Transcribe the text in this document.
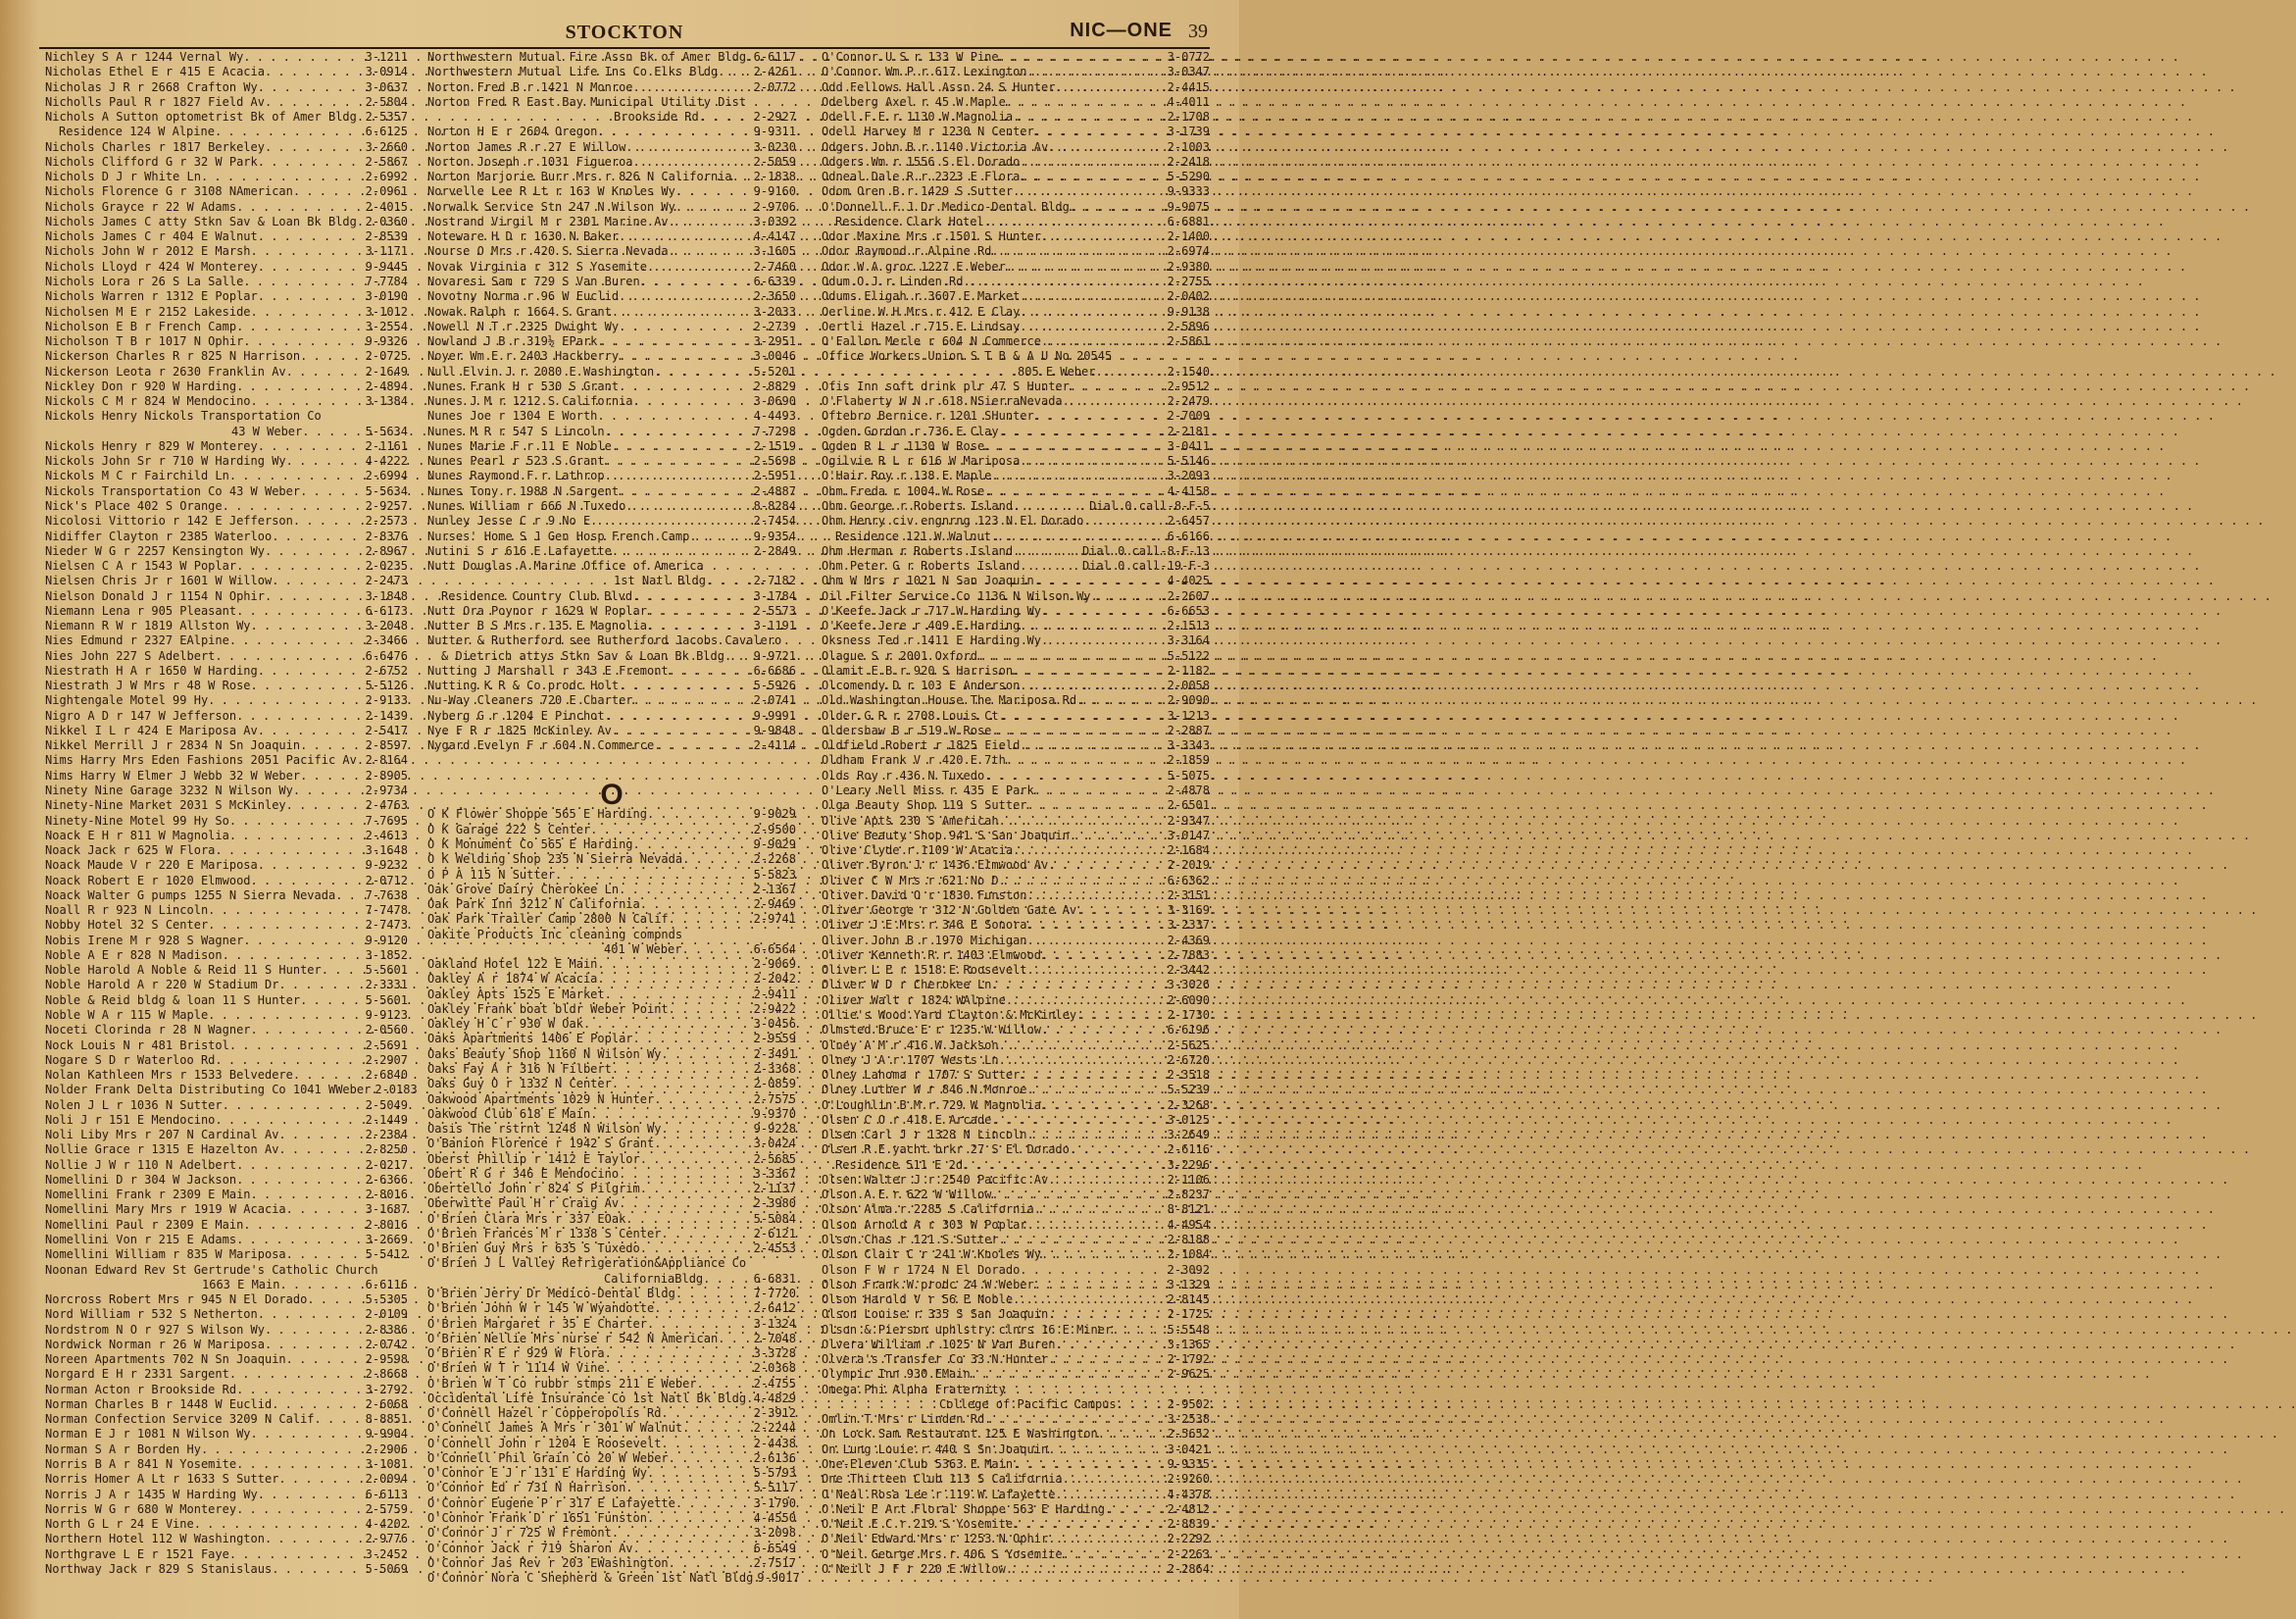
STOCKTON	NIC—ONE 39
Nichley S A r 1244 Vernal Wy . . .	3-1211
Nicholas Ethel E r 415 E Acacia . . .	3-0914
Nicholas J R r 2668 Crafton Wy . . .	3-0637
Nicholls Paul R r 1827 Field Av . . .	2-5804
Nichols A Sutton optometrist Bk of Amer Bldg . . . 2-5357
Residence 124 W Alpine . . .	6-6125
Nichols Charles r 1817 Berkeley . . .	3-2660
Nichols Clifford G r 32 W Park . . .	2-5867
Nichols D J r White Ln . . .	2-6992
Nichols Florence G r 3108 NAmerican . . .	2-0961
Nichols Grayce r 22 W Adams . . .	2-4015
Nichols James C atty Stkn Sav & Loan Bk Bldg . . . 2-0360
Nichols James C r 404 E Walnut . . .	2-8539
Nichols John W r 2012 E Marsh . . .	3-1171
Nichols Lloyd r 424 W Monterey . . .	9-9445
Nichols Lora r 26 S La Salle . . .	7-7784
Nichols Warren r 1312 E Poplar . . .	3-0190
Nicholsen M E r 2152 Lakeside . . .	3-1012
Nicholson E B r French Camp . . .	3-2554
Nicholson T B r 1017 N Ophir . . .	9-9326
Nickerson Charles R r 825 N Harrison . . .	2-0725
Nickerson Leota r 2630 Franklin Av . . .	2-1649
Nickley Don r 920 W Harding . . .	2-4894
Nickols C M r 824 W Mendocino . . .	3-1384
Nickols Henry Nickols Transportation Co
43 W Weber . . .	5-5634
Nickols Henry r 829 W Monterey . . .	2-1161
Nickols John Sr r 710 W Harding Wy . . .	4-4222
Nickols M C r Fairchild Ln . . .	2-6994
Nickols Transportation Co 43 W Weber . . .	5-5634
Nick's Place 402 S Orange . . .	2-9257
Nicolosi Vittorio r 142 E Jefferson . . .	2-2573
Nidiffer Clayton r 2385 Waterloo . . .	2-8376
Nieder W G r 2257 Kensington Wy . . .	2-8967
Nielsen C A r 1543 W Poplar . . .	2-0235
Nielsen Chris Jr r 1601 W Willow . . .	2-2473
Nielson Donald J r 1154 N Ophir . . .	3-1848
Niemann Lena r 905 Pleasant . . .	6-6173
Niemann R W r 1819 Allston Wy . . .	3-2048
Nies Edmund r 2327 EAlpine . . .	2-3466
Nies John 227 S Adelbert . . .	6-6476
Niestrath H A r 1650 W Harding . . .	2-6752
Niestrath J W Mrs r 48 W Rose . . .	5-5126
Nightengale Motel 99 Hy . . .	2-9133
Nigro A D r 147 W Jefferson . . .	2-1439
Nikkel I L r 424 E Mariposa Av . . .	2-5417
Nikkel Merrill J r 2834 N Sn Joaquin . . .	2-8597
Nims Harry Mrs Eden Fashions 2051 Pacific Av . . . 2-8164
Nims Harry W Elmer J Webb 32 W Weber . . .	2-8905
Ninety Nine Garage 3232 N Wilson Wy . . .	2-9734
Ninety-Nine Market 2031 S McKinley . . .	2-4763
Ninety-Nine Motel 99 Hy So . . .	7-7695
Noack E H r 811 W Magnolia . . .	2-4613
Noack Jack r 625 W Flora . . .	3-1648
Noack Maude V r 220 E Mariposa . . .	9-9232
Noack Robert E r 1020 Elmwood . . .	2-0712
Noack Walter G pumps 1255 N Sierra Nevada . . .	7-7638
Noall R r 923 N Lincoln . . .	7-7478
Nobby Hotel 32 S Center . . .	2-7473
Nobis Irene M r 928 S Wagner . . .	9-9120
Noble A E r 828 N Madison . . .	3-1852
Noble Harold A Noble & Reid 11 S Hunter . . .	5-5601
Noble Harold A r 220 W Stadium Dr . . .	2-3331
Noble & Reid bldg & loan 11 S Hunter . . .	5-5601
Noble W A r 115 W Maple . . .	9-9123
Noceti Clorinda r 28 N Wagner . . .	2-0560
Nock Louis N r 481 Bristol . . .	2-5691
Nogare S D r Waterloo Rd . . .	2-2907
Nolan Kathleen Mrs r 1533 Belvedere . . .	2-6840
Nolder Frank Delta Distributing Co 1041 WWeber . . . 2-0183
Nolen J L r 1036 N Sutter . . .	2-5049
Noli J r 151 E Mendocino . . .	2-1449
Noli Liby Mrs r 207 N Cardinal Av . . .	2-2384
Nollie Grace r 1315 E Hazelton Av . . .	2-8250
Nollie J W r 110 N Adelbert . . .	2-0217
Nomellini D r 304 W Jackson . . .	2-6366
Nomellini Frank r 2309 E Main . . .	2-8016
Nomellini Mary Mrs r 1919 W Acacia . . .	3-1687
Nomellini Paul r 2309 E Main . . .	2-8016
Nomellini Von r 215 E Adams . . .	3-2669
Nomellini William r 835 W Mariposa . . .	5-5412
Noonan Edward Rev St Gertrude's Catholic Church
1663 E Main . . .	6-6116
Norcross Robert Mrs r 945 N El Dorado . . .	5-5305
Nord William r 532 S Netherton . . .	2-0109
Nordstrom N O r 927 S Wilson Wy . . .	2-8386
Nordwick Norman r 26 W Mariposa . . .	2-0742
Noreen Apartments 702 N Sn Joaquin . . .	2-9598
Norgard E H r 2331 Sargent . . .	2-8668
Norman Acton r Brookside Rd . . .	3-2792
Norman Charles B r 1448 W Euclid . . .	2-6068
Norman Confection Service 3209 N Calif . . .	8-8851
Norman E J r 1081 N Wilson Wy . . .	9-9904
Norman S A r Borden Hy . . .	2-2906
Norris B A r 841 N Yosemite . . .	3-1081
Norris Homer A Lt r 1633 S Sutter . . .	2-0094
Norris J A r 1435 W Harding Wy . . .	6-6113
Norris W G r 680 W Monterey . . .	2-5759
North G L r 24 E Vine . . .	4-4202
Northern Hotel 112 W Washington . . .	2-9776
Northgrave L E r 1521 Faye . . .	3-2452
Northway Jack r 829 S Stanislaus . . .	5-5069
Northwestern Mutual Fire Assn Bk of Amer Bldg . . . 6-6117
Northwestern Mutual Life Ins Co Elks Bldg . . .	2-4261
Norton Fred B r 1421 N Monroe . . .	2-0772
Norton Fred R East Bay Municipal Utility Dist
Brookside Rd . . .	2-2927
Norton H E r 2604 Oregon . . .	9-9311
Norton James R r 27 E Willow . . .	3-0230
Norton Joseph r 1031 Figueroa . . .	2-5059
Norton Marjorie Burr Mrs r 826 N California . . . 2-1838
Norvelle Lee R Lt r 163 W Knoles Wy . . .	9-9160
Norwalk Service Stn 247 N Wilson Wy . . .	2-9706
Nostrand Virgil M r 2301 Marine Av . . .	3-0392
Noteware H D r 1630 N Baker . . .	4-4147
Nourse O Mrs r 420 S Sierra Nevada . . .	3-1605
Novak Virginia r 312 S Yosemite . . .	2-7460
Novaresi Sam r 729 S Van Buren . . .	6-6339
Novotny Norma r 96 W Euclid . . .	2-3650
Nowak Ralph r 1664 S Grant . . .	3-2033
Nowell N T r 2325 Dwight Wy . . .	2-2739
Nowland J B r 319½ EPark . . .	3-2951
Noyer Wm E r 2403 Hackberry . . .	3-0046
Null Elvin J r 2080 E Washington . . .	5-5201
Nunes Frank H r 530 S Grant . . .	2-8829
Nunes J M r 1212 S California . . .	3-0690
Nunes Joe r 1304 E Worth . . .	4-4493
Nunes M R r 547 S Lincoln . . .	7-7298
Nunes Marie F r 11 E Noble . . .	2-1519
Nunes Pearl r 523 S Grant . . .	2-5698
Nunes Raymond F r Lathrop . . .	2-5951
Nunes Tony r 1988 N Sargent . . .	2-4887
Nunes William r 666 N Tuxedo . . .	8-8284
Nunley Jesse C r 9 No E . . .	2-7454
Nurses' Home S J Gen Hosp French Camp . . .	9-9354
Nutini S r 616 E Lafayette . . .	2-2849
Nutt Douglas A Marine Office of America
1st Natl Bldg . . .	2-7182
Residence Country Club Blvd . . .	3-1784
Nutt Ora Poynor r 1629 W Poplar . . .	2-5573
Nutter B S Mrs r 135 E Magnolia . . .	3-1191
Nutter & Rutherford see Rutherford Jacobs Cavalero
& Dietrich attys Stkn Sav & Loan Bk Bldg . . . 9-9721
Nutting J Marshall r 343 E Fremont . . .	6-6686
Nutting K R & Co prodc Holt . . .	5-5926
Nu-Way Cleaners 720 E Charter . . .	2-0741
Nyberg G r 1204 E Pinchot . . .	9-9991
Nye F R r 1825 McKinley Av . . .	9-9848
Nygard Evelyn F r 604 N Commerce . . .	2-4114
O
O K Flower Shoppe 565 E Harding . . .	9-9029
O K Garage 222 S Center . . .	2-9500
O K Monument Co 565 E Harding . . .	9-9029
O K Welding Shop 235 N Sierra Nevada . . .	2-2268
O P A 115 N Sutter . . .	5-5823
Oak Grove Dairy Cherokee Ln . . .	2-1367
Oak Park Inn 3212 N California . . .	2-9469
Oak Park Trailer Camp 2800 N Calif . . .	2-9741
Oakite Products Inc cleaning compnds
401 W Weber . . .	6-6564
Oakland Hotel 122 E Main . . .	2-9069
Oakley A r 1874 W Acacia . . .	2-2042
Oakley Apts 1525 E Market . . .	2-9411
Oakley Frank boat bldr Weber Point . . .	2-9422
Oakley H C r 930 W Oak . . .	3-0456
Oaks Apartments 1406 E Poplar . . .	2-9559
Oaks Beauty Shop 1160 N Wilson Wy . . .	2-3491
Oaks Fay A r 316 N Filbert . . .	2-3368
Oaks Guy O r 1332 N Center . . .	2-0859
Oakwood Apartments 1029 N Hunter . . .	2-7575
Oakwood Club 618 E Main . . .	9-9370
Oasis The rstrnt 1248 N Wilson Wy . . .	9-9228
O'Banion Florence r 1942 S Grant . . .	3-0424
Oberst Phillip r 1412 E Taylor . . .	2-5685
Obert R G r 346 E Mendocino . . .	3-3367
Obertello John r 824 S Pilgrim . . .	2-1137
Oberwitte Paul H r Craig Av . . .	2-3980
O'Brien Clara Mrs r 337 EOak . . .	5-5084
O'Brien Frances M r 1338 S Center . . .	2-6121
O'Brien Guy Mrs r 635 S Tuxedo . . .	2-4553
O'Brien J L Valley Refrigeration&Appliance Co
CaliforniaBldg . . .	6-6831
O'Brien Jerry Dr Medico-Dental Bldg . . .	7-7720
O'Brien John W r 145 W Wyandotte . . .	2-6412
O'Brien Margaret r 35 E Charter . . .	3-1324
O'Brien Nellie Mrs nurse r 542 N American . . .	2-7048
O'Brien R E r 929 W Flora . . .	3-3728
O'Brien W T r 1114 W Vine . . .	2-0368
O'Brien W T Co rubbr stmps 211 E Weber . . .	2-4755
Occidental Life Insurance Co 1st Natl Bk Bldg . . . 4-4829
O'Connell Hazel r Copperopolis Rd . . .	2-3912
O'Connell James A Mrs r 301 W Walnut . . .	2-2244
O'Connell John r 1204 E Roosevelt . . .	2-4438
O'Connell Phil Grain Co 20 W Weber . . .	2-6136
O'Connor E J r 131 E Harding Wy . . .	5-5793
O'Connor Ed r 731 N Harrison . . .	5-5117
O'Connor Eugene P r 317 E Lafayette . . .	3-1790
O'Connor Frank D r 1651 Funston . . .	4-4550
O'Connor J r 725 W Fremont . . .	3-2098
O'Connor Jack r 719 Sharon Av . . .	6-6549
O'Connor Jas Rev r 203 EWashington . . .	2-7517
O'Connor Nora C Shepherd & Green 1st Natl Bldg . . . 9-9017
O'Connor U S r 133 W Pine . . .	3-0772
O'Connor Wm P r 617 Lexington . . .	3-0347
Odd Fellows Hall Assn 24 S Hunter . . .	2-4415
Odelberg Axel r 45 W Maple . . .	4-4011
Odell F E r 1130 W Magnolia . . .	2-1708
Odell Harvey M r 1230 N Center . . .	3-1739
Odgers John B r 1140 Victoria Av . . .	2-1003
Odgers Wm r 1556 S El Dorado . . .	2-2418
Odneal Dale R r 2323 E Flora . . .	5-5290
Odom Oren B r 1429 S Sutter . . .	9-9333
O'Donnell F J Dr Medico-Dental Bldg . . .	9-9075
Residence Clark Hotel . . .	6-6881
Odor Maxine Mrs r 1501 S Hunter . . .	2-1400
Odor Raymond r Alpine Rd . . .	2-6974
Odor W A groc 1227 E Weber . . .	2-9380
Odum O J r Linden Rd . . .	2-2755
Odums Eligah r 3607 E Market . . .	2-0402
Oerline W H Mrs r 412 E Clay . . .	9-9138
Oertli Hazel r 715 E Lindsay . . .	2-5896
O'Fallon Merle r 604 N Commerce . . .	2-5861
Office Workers Union S T B & A U No 20545
805 E Weber . . .	2-1540
Ofis Inn soft drink plr 47 S Hunter . . .	2-9512
O'Flaherty W N r 618 NSierraNevada . . .	2-2479
Oftebro Bernice r 1201 SHunter . . .	2-7009
Ogden Gordon r 736 E Clay . . .	2-2181
Ogden R L r 1130 W Rose . . .	3-0411
Ogilvie R L r 616 W Mariposa . . .	5-5146
O'Hair Roy r 138 E Maple . . .	3-2093
Ohm Freda r 1004 W Rose . . .	4-4158
Ohm George r Roberts Island . . .	Dial 0 call-8-F-5
Ohm Henry civ engnrng 123 N El Dorado . . .	2-6457
Residence 121 W Walnut . . .	6-6166
Ohm Herman r Roberts Island . . .	Dial 0 call-8-F-13
Ohm Peter G r Roberts Island . . .	Dial 0 call-19-F-3
Ohm W Mrs r 1021 N San Joaquin . . .	4-4025
Oil Filter Service Co 1136 N Wilson Wy . . .	2-2607
O'Keefe Jack r 717 W Harding Wy . . .	6-6653
O'Keefe Jere r 409 E Harding . . .	2-1513
Oksness Ted r 1411 E Harding Wy . . .	3-3164
Olague S r 2001 Oxford . . .	5-5122
Olamit E B r 920 S Harrison . . .	2-1182
Olcomendy D r 103 E Anderson . . .	2-0058
Old Washington House The Mariposa Rd . . .	2-9090
Older G R r 2708 Louis Ct . . .	3-1213
Oldershaw B r 519 W Rose . . .	2-2887
Oldfield Robert r 1825 Field . . .	3-3343
Oldham Frank V r 420 E 7th . . .	2-1859
Olds Roy r 436 N Tuxedo . . .	5-5075
O'Leary Nell Miss r 435 E Park . . .	2-4878
Olga Beauty Shop 119 S Sutter . . .	2-6501
Olive Apts 230 S American . . .	2-9347
Olive Beauty Shop 941 S San Joaquin . . .	3-0147
Olive Clyde r 1109 W Acacia . . .	2-1684
Oliver Byron J r 1436 Elmwood Av . . .	2-2019
Oliver C W Mrs r 621 No D . . .	6-6362
Oliver David O r 1830 Funston . . .	2-3151
Oliver George r 312 N Golden Gate Av . . .	3-3169
Oliver J E Mrs r 346 E Sonora . . .	3-2337
Oliver John B r 1970 Michigan . . .	2-4369
Oliver Kenneth R r 1403 Elmwood . . .	2-7883
Oliver L E r 1518 E Roosevelt . . .	2-3442
Oliver W D r Cherokee Ln . . .	3-3026
Oliver Walt r 1824 WAlpine . . .	2-6090
Ollie's Wood Yard Clayton & McKinley . . .	2-1730
Olmsted Bruce E r 1235 W Willow . . .	6-6196
Olney A M r 416 W Jackson . . .	2-5625
Olney J A r 1707 Wests Ln . . .	2-6720
Olney Lahoma r 1707 S Sutter . . .	2-3518
Olney Luther W r 846 N Monroe . . .	5-5239
O'Loughlin B M r 729 W Magnolia . . .	2-3268
Olsen C O r 418 E Arcade . . .	3-0125
Olsen Carl J r 1328 N Lincoln . . .	3-2649
Olsen R E yacht brkr 27 S El Dorado . . .	2-6116
Residence 511 E 2d . . .	3-2296
Olsen Walter J r 2540 Pacific Av . . .	2-1106
Olson A E r 622 W Willow . . .	2-8237
Olson Alma r 2285 S California . . .	8-8121
Olson Arnold A r 303 W Poplar . . .	4-4954
Olson Chas r 121 S Sutter . . .	2-8188
Olson Clair C r 241 W Knoles Wy . . .	2-1084
Olson F W r 1724 N El Dorado . . .	2-3092
Olson Frank W prodc 24 W Weber . . .	3-1329
Olson Harold V r 56 E Noble . . .	2-8145
Olson Louise r 335 S San Joaquin . . .	2-1725
Olson & Pierson uphlstry clnrs 16 E Miner . . .	5-5548
Olvera William r 1025 N Van Buren . . .	3-1365
Olvera's Transfer Co 33 N Hunter . . .	2-1792
Olympic Inn 930 EMain . . .	2-9625
Omega Phi Alpha Fraternity
College of Pacific Campus . . .	2-9502
Omlin T Mrs r Linden Rd . . .	3-2538
On Lock Sam Restaurant 125 E Washington . . .	2-5652
On Lung Louie r 440 S Sn Joaquin . . .	3-0421
One-Eleven Club 5363 E Main . . .	9-9335
One Thirteen Club 113 S California . . .	2-9260
O'Neal Rosa Lee r 119 W Lafayette . . .	4-4378
O'Neil E Art Floral Shoppe 563 E Harding . . .	2-4812
O'Neil E C r 219 S Yosemite . . .	2-8839
O'Neil Edward Mrs r 1253 N Ophir . . .	2-2292
O'Neil George Mrs r 406 S Yosemite . . .	2-2263
O'Neill J F r 220 E Willow . . .	2-2864
